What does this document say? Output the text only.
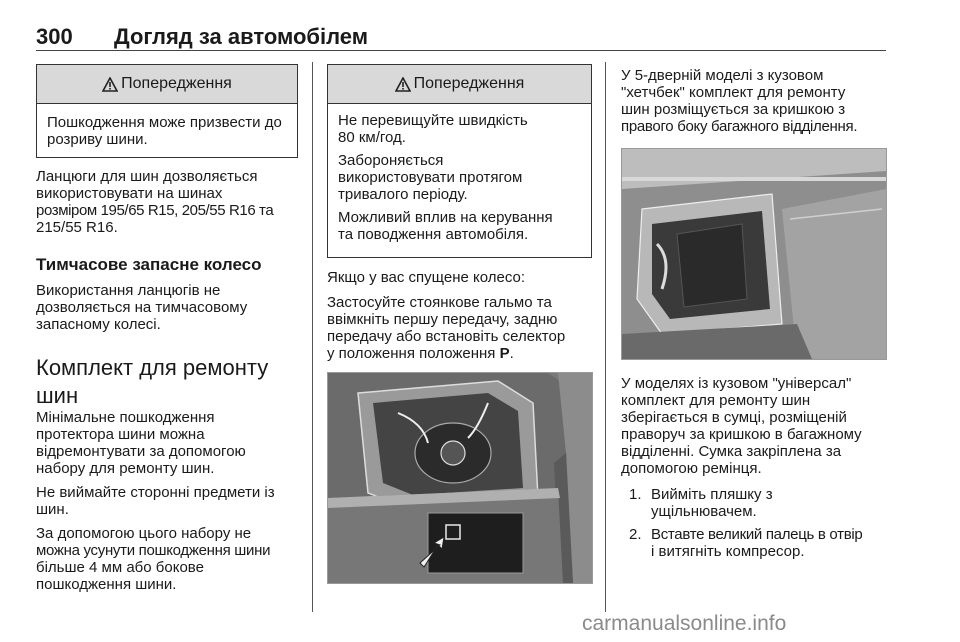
300 Догляд за автомобілем
Попередження

Пошкодження може призвести до розриву шини.

Ланцюги для шин дозволяється

використовувати на шинах

розміром 195/65 R15, 205/55 R16 та

215/55 R16.

Тимчасове запасне колесо

Використання ланцюгів не

дозволяється на тимчасовому

запасному колесі.

Комплект для ремонту
шин

Мінімальне пошкодження

протектора шини можна

відремонтувати за допомогою

набору для ремонту шин.

Не виймайте сторонні предмети із

шин.

За допомогою цього набору не

можна усунути пошкодження шини

більше 4 мм або бокове

пошкодження шини.

Попередження

Не перевищуйте швидкість

80 км/год.

Забороняється

використовувати протягом

тривалого періоду.

Можливий вплив на керування

та поводження автомобіля.

Якщо у вас спущене колесо:

Застосуйте стоянкове гальмо та

ввімкніть першу передачу, задню

передачу або встановіть селектор

у положення положення P.

У 5-дверній моделі з кузовом

"хетчбек" комплект для ремонту

шин розміщується за кришкою з

правого боку багажного відділення.

У моделях із кузовом "універсал"

комплект для ремонту шин

зберігається в сумці, розміщеній

праворуч за кришкою в багажному

відділенні. Сумка закріплена за

допомогою ремінця.

1. Вийміть пляшку з
ущільнювачем.
2. Вставте великий палець в отвір
і витягніть компресор.
carmanualsonline.info
